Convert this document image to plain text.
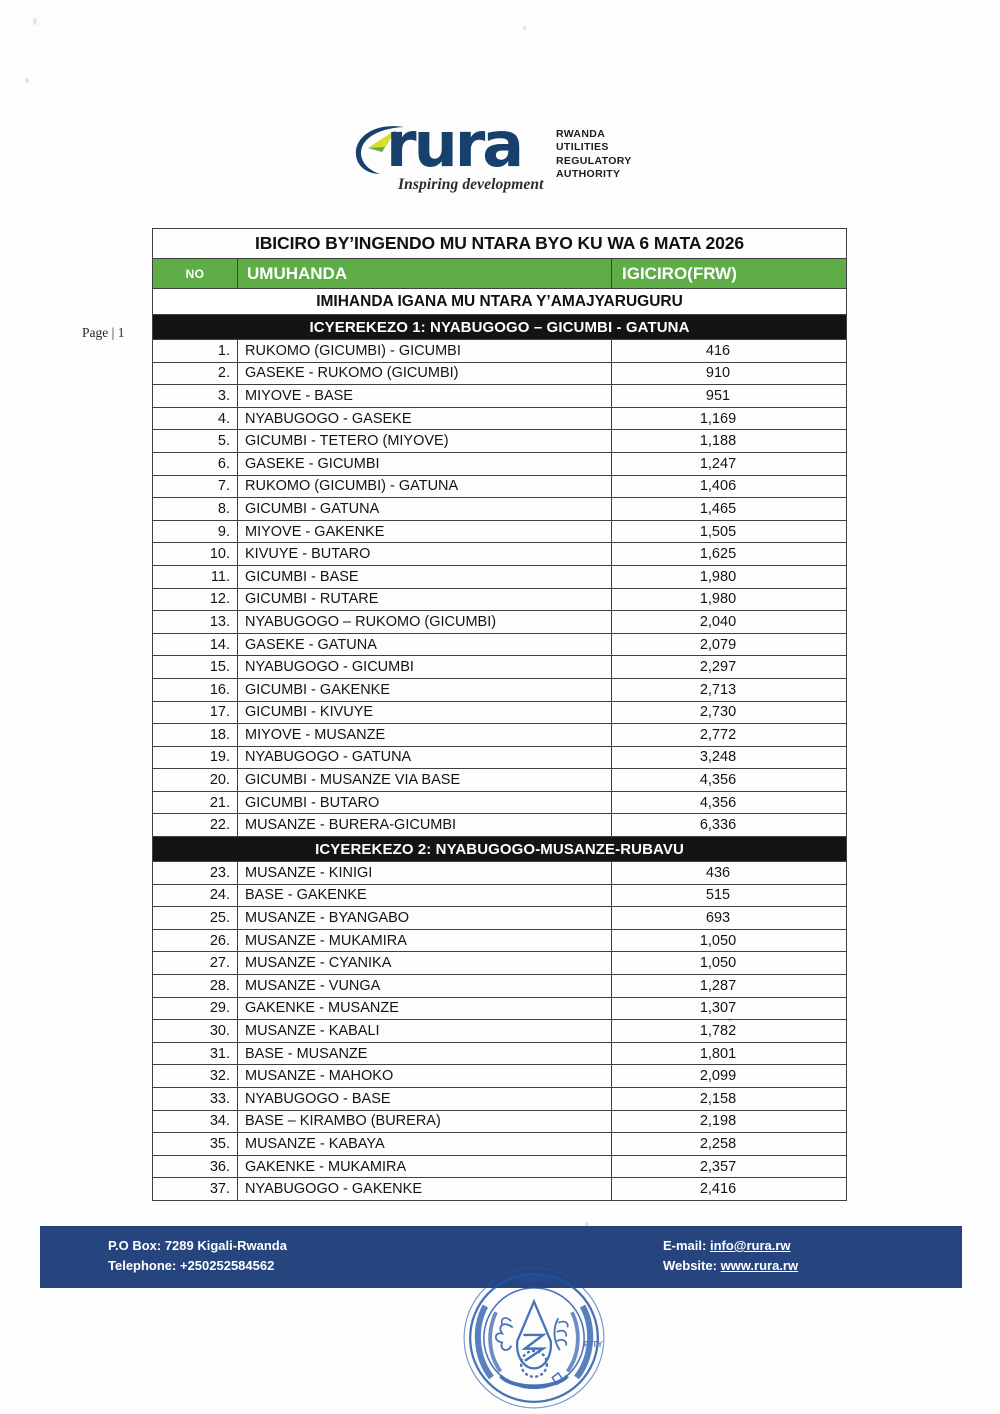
rura
Inspiring development
RWANDA
UTILITIES
REGULATORY
AUTHORITY
Page | 1
IBICIRO BY’INGENDO MU NTARA BYO KU WA 6 MATA 2026		
NO	UMUHANDA	IGICIRO(FRW)
IMIHANDA IGANA MU NTARA Y’AMAJYARUGURU		
ICYEREKEZO 1: NYABUGOGO – GICUMBI - GATUNA		
1.	RUKOMO (GICUMBI) - GICUMBI	416
2.	GASEKE - RUKOMO (GICUMBI)	910
3.	MIYOVE - BASE	951
4.	NYABUGOGO - GASEKE	1,169
5.	GICUMBI - TETERO (MIYOVE)	1,188
6.	GASEKE - GICUMBI	1,247
7.	RUKOMO (GICUMBI) - GATUNA	1,406
8.	GICUMBI - GATUNA	1,465
9.	MIYOVE - GAKENKE	1,505
10.	KIVUYE - BUTARO	1,625
11.	GICUMBI - BASE	1,980
12.	GICUMBI - RUTARE	1,980
13.	NYABUGOGO – RUKOMO (GICUMBI)	2,040
14.	GASEKE - GATUNA	2,079
15.	NYABUGOGO - GICUMBI	2,297
16.	GICUMBI - GAKENKE	2,713
17.	GICUMBI - KIVUYE	2,730
18.	MIYOVE - MUSANZE	2,772
19.	NYABUGOGO - GATUNA	3,248
20.	GICUMBI - MUSANZE VIA BASE	4,356
21.	GICUMBI - BUTARO	4,356
22.	MUSANZE - BURERA-GICUMBI	6,336
ICYEREKEZO 2: NYABUGOGO-MUSANZE-RUBAVU		
23.	MUSANZE - KINIGI	436
24.	BASE - GAKENKE	515
25.	MUSANZE - BYANGABO	693
26.	MUSANZE - MUKAMIRA	1,050
27.	MUSANZE - CYANIKA	1,050
28.	MUSANZE - VUNGA	1,287
29.	GAKENKE - MUSANZE	1,307
30.	MUSANZE - KABALI	1,782
31.	BASE - MUSANZE	1,801
32.	MUSANZE - MAHOKO	2,099
33.	NYABUGOGO - BASE	2,158
34.	BASE – KIRAMBO (BURERA)	2,198
35.	MUSANZE - KABAYA	2,258
36.	GAKENKE - MUKAMIRA	2,357
37.	NYABUGOGO - GAKENKE	2,416
P.O Box: 7289 Kigali-Rwanda
Telephone: +250252584562
E-mail: info@rura.rw
Website: www.rura.rw
RWANDA
RITY
